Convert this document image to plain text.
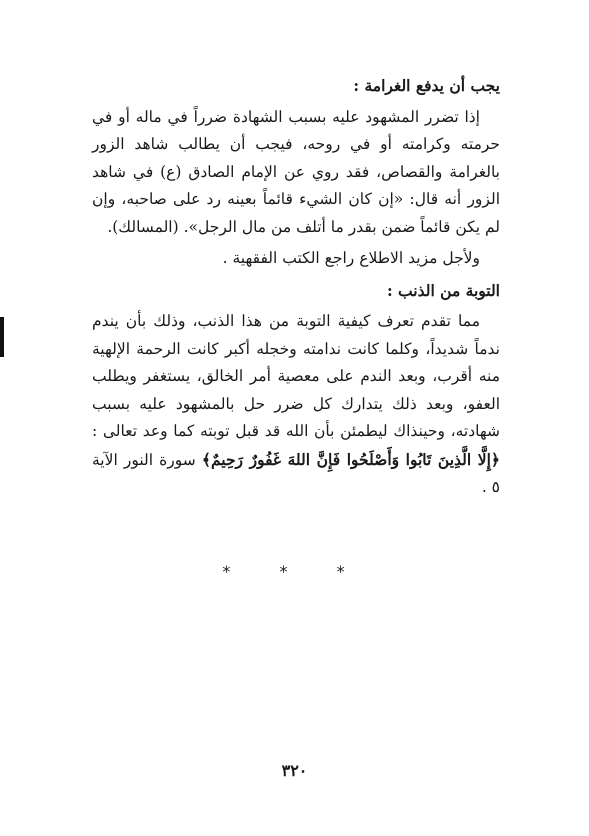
يجب أن يدفع الغرامة :

إذا تضرر المشهود عليه بسبب الشهادة ضرراً في ماله أو في حرمته وكرامته أو في روحه، فيجب أن يطالب شاهد الزور بالغرامة والقصاص، فقد روي عن الإمام الصادق (ع) في شاهد الزور أنه قال: «إن كان الشيء قائماً بعينه رد على صاحبه، وإن لم يكن قائماً ضمن بقدر ما أتلف من مال الرجل». (المسالك).

ولأجل مزيد الاطلاع راجع الكتب الفقهية .

التوبة من الذنب :

مما تقدم تعرف كيفية التوبة من هذا الذنب، وذلك بأن يندم ندماً شديداً، وكلما كانت ندامته وخجله أكبر كانت الرحمة الإلهية منه أقرب، وبعد الندم على معصية أمر الخالق، يستغفر ويطلب العفو، وبعد ذلك يتدارك كل ضرر حل بالمشهود عليه بسبب شهادته، وحينذاك ليطمئن بأن الله قد قبل توبته كما وعد تعالى : ﴿إِلَّا الَّذِينَ تَابُوا وَأَصْلَحُوا فَإِنَّ اللهَ غَفُورٌ رَحِيمٌ﴾ سورة النور الآية ٥ .

* * *
٣٢٠
